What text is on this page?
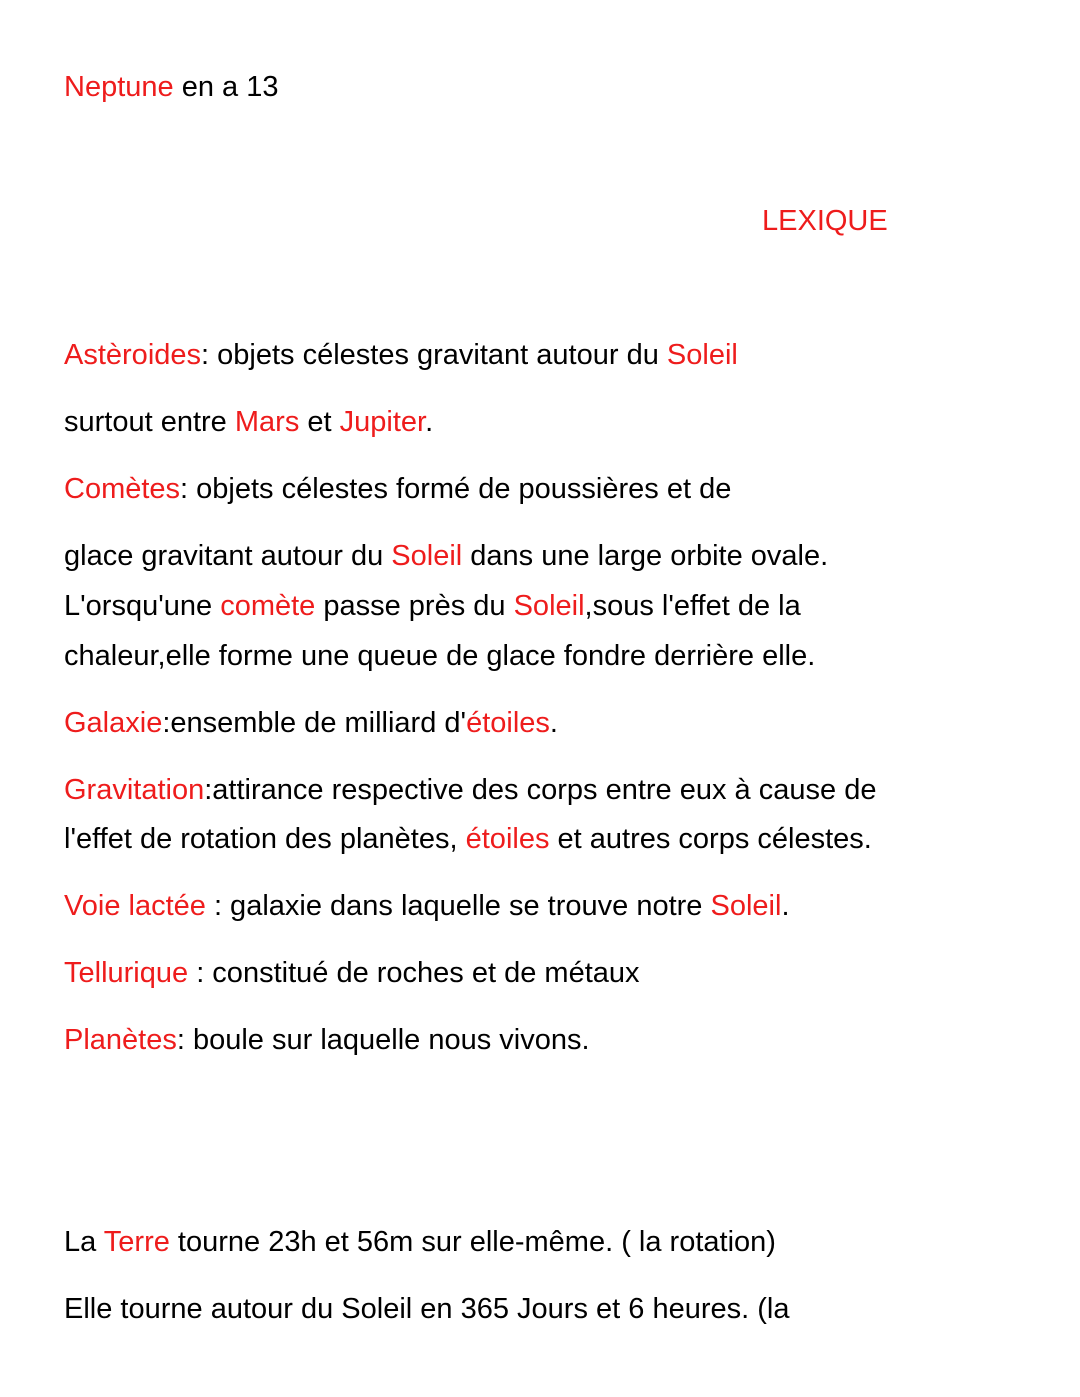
Neptune en a 13

LEXIQUE

Astèroides: objets célestes gravitant autour du Soleil

surtout entre Mars et Jupiter.

Comètes: objets célestes formé de poussières et de

glace gravitant autour du Soleil dans une large orbite ovale.

L'orsqu'une comète passe près du Soleil,sous l'effet de la

chaleur,elle forme une queue de glace fondre derrière elle.

Galaxie:ensemble de milliard d'étoiles.

Gravitation:attirance respective des corps entre eux à cause de

l'effet de rotation des planètes, étoiles et autres corps célestes.

Voie lactée : galaxie dans laquelle se trouve notre Soleil.

Tellurique : constitué de roches et de métaux

Planètes: boule sur laquelle nous vivons.

La Terre tourne 23h et 56m sur elle-même. ( la rotation)

Elle tourne autour du Soleil en 365 Jours et 6 heures. (la
